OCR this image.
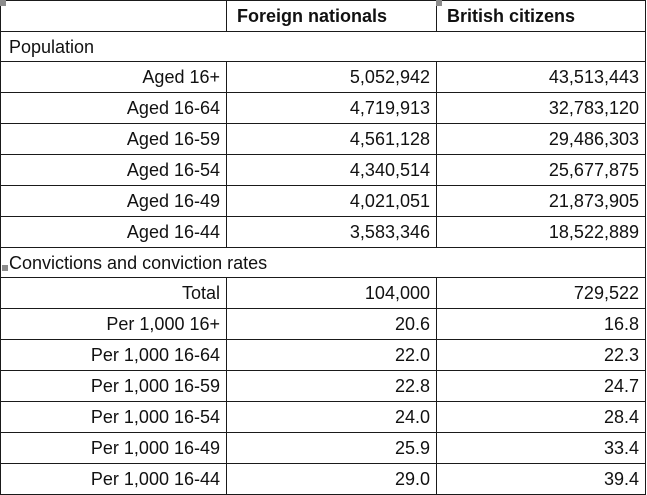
	Foreign nationals	British citizens
Population		
Aged 16+	5,052,942	43,513,443
Aged 16-64	4,719,913	32,783,120
Aged 16-59	4,561,128	29,486,303
Aged 16-54	4,340,514	25,677,875
Aged 16-49	4,021,051	21,873,905
Aged 16-44	3,583,346	18,522,889
Convictions and conviction rates		
Total	104,000	729,522
Per 1,000 16+	20.6	16.8
Per 1,000 16-64	22.0	22.3
Per 1,000 16-59	22.8	24.7
Per 1,000 16-54	24.0	28.4
Per 1,000 16-49	25.9	33.4
Per 1,000 16-44	29.0	39.4
